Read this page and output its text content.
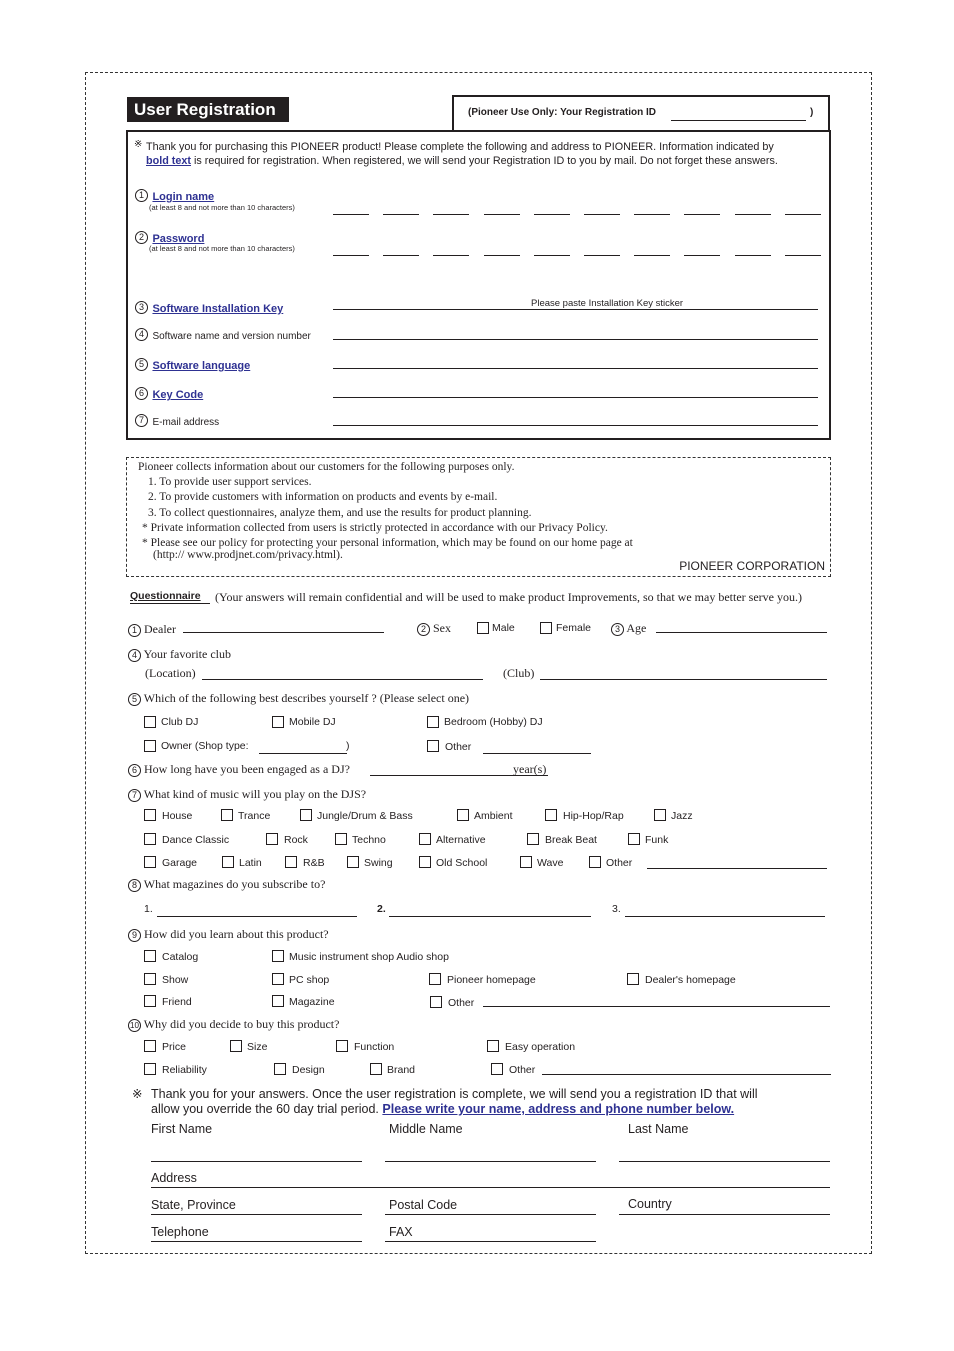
User Registration	(Pioneer Use Only: Your Registration ID	)
※ Thank you for purchasing this PIONEER product! Please complete the following and address to PIONEER. Information indicated by
bold text is required for registration. When registered, we will send your Registration ID to you by mail. Do not forget these answers.
1 Login name
(at least 8 and not more than 10 characters)
2 Password
(at least 8 and not more than 10 characters)
3 Software Installation Key	Please paste Installation Key sticker
4 Software name and version number
5 Software language
6 Key Code
7 E-mail address
Pioneer collects information about our customers for the following purposes only.
1. To provide user support services.
2. To provide customers with information on products and events by e-mail.
3. To collect questionnaires, analyze them, and use the results for product planning.
* Private information collected from users is strictly protected in accordance with our Privacy Policy.
* Please see our policy for protecting your personal information, which may be found on our home page at
(http:// www.prodjnet.com/privacy.html).
PIONEER CORPORATION
Questionnaire (Your answers will remain confidential and will be used to make product Improvements, so that we may better serve you.)
1 Dealer	2 Sex	Male	Female	3 Age
4 Your favorite club
(Location)	(Club)
5 Which of the following best describes yourself ? (Please select one)
Club DJ	Mobile DJ	Bedroom (Hobby) DJ
Owner (Shop type:	)	Other
6 How long have you been engaged as a DJ?	year(s)
7 What kind of music will you play on the DJS?
House	Trance	Jungle/Drum & Bass	Ambient	Hip-Hop/Rap	Jazz
Dance Classic	Rock	Techno	Alternative	Break Beat	Funk
Garage	Latin	R&B	Swing	Old School	Wave	Other
8 What magazines do you subscribe to?
1.	2.	3.
9 How did you learn about this product?
Catalog	Music instrument shop Audio shop
Show	PC shop	Pioneer homepage	Dealer's homepage
Friend	Magazine	Other
10 Why did you decide to buy this product?
Price	Size	Function	Easy operation
Reliability	Design	Brand	Other
※ Thank you for your answers. Once the user registration is complete, we will send you a registration ID that will
allow you override the 60 day trial period. Please write your name, address and phone number below.
First Name	Middle Name	Last Name
Address
State, Province	Postal Code	Country
Telephone	FAX
